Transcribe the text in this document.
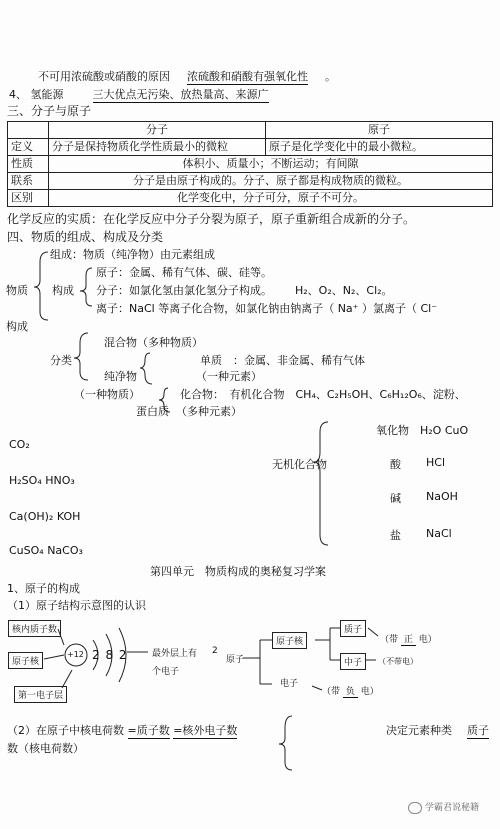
不可用浓硫酸或硝酸的原因 浓硫酸和硝酸有强氧化性 。
4、 氢能源	三大优点无污染、放热量高、来源广
三、分子与原子
	分子	原子
定义	分子是保持物质化学性质最小的微粒	原子是化学变化中的最小微粒。
性质	体积小、质量小；不断运动；有间隙	
联系	分子是由原子构成的。分子、原子都是构成物质的微粒。	
区别	化学变化中，分子可分，原子不可分。	
化学反应的实质：在化学反应中分子分裂为原子，原子重新组合成新的分子。
四、物质的组成、构成及分类
组成：物质（纯净物）由元素组成
物质 构成
原子：金属、稀有气体、碳、硅等。
分子：如氯化氢由氯化氢分子构成。 H₂、O₂、N₂、Cl₂。
离子：NaCl 等离子化合物，如氯化钠由钠离子（ Na⁺ ）氯离子（ Cl⁻
构成
分类
混合物（多种物质）
单质　：金属、非金属、稀有气体
纯净物	（一种元素）
（一种物质）	化合物：　有机化合物　CH₄、C₂H₅OH、C₆H₁₂O₆、淀粉、
蛋白质 （多种元素）
氧化物　H₂O CuO
CO₂
无机化合物	酸 HCl
H₂SO₄ HNO₃
碱 NaOH
Ca(OH)₂ KOH
盐 NaCl
CuSO₄ NaCO₃
第四单元　物质构成的奥秘复习学案
1、原子的构成
（1）原子结构示意图的认识
核内质子数
原子核
第一电子层
+12 2 8 2	最外层上有 2
个电子
原子
原子核
质子
（带 正 电）
中子	（不带电）
电子
（带 负 电）
（2）在原子中核电荷数 =质子数 =核外电子数
数（核电荷数）
决定元素种类 质子
学霸君说秘籍
